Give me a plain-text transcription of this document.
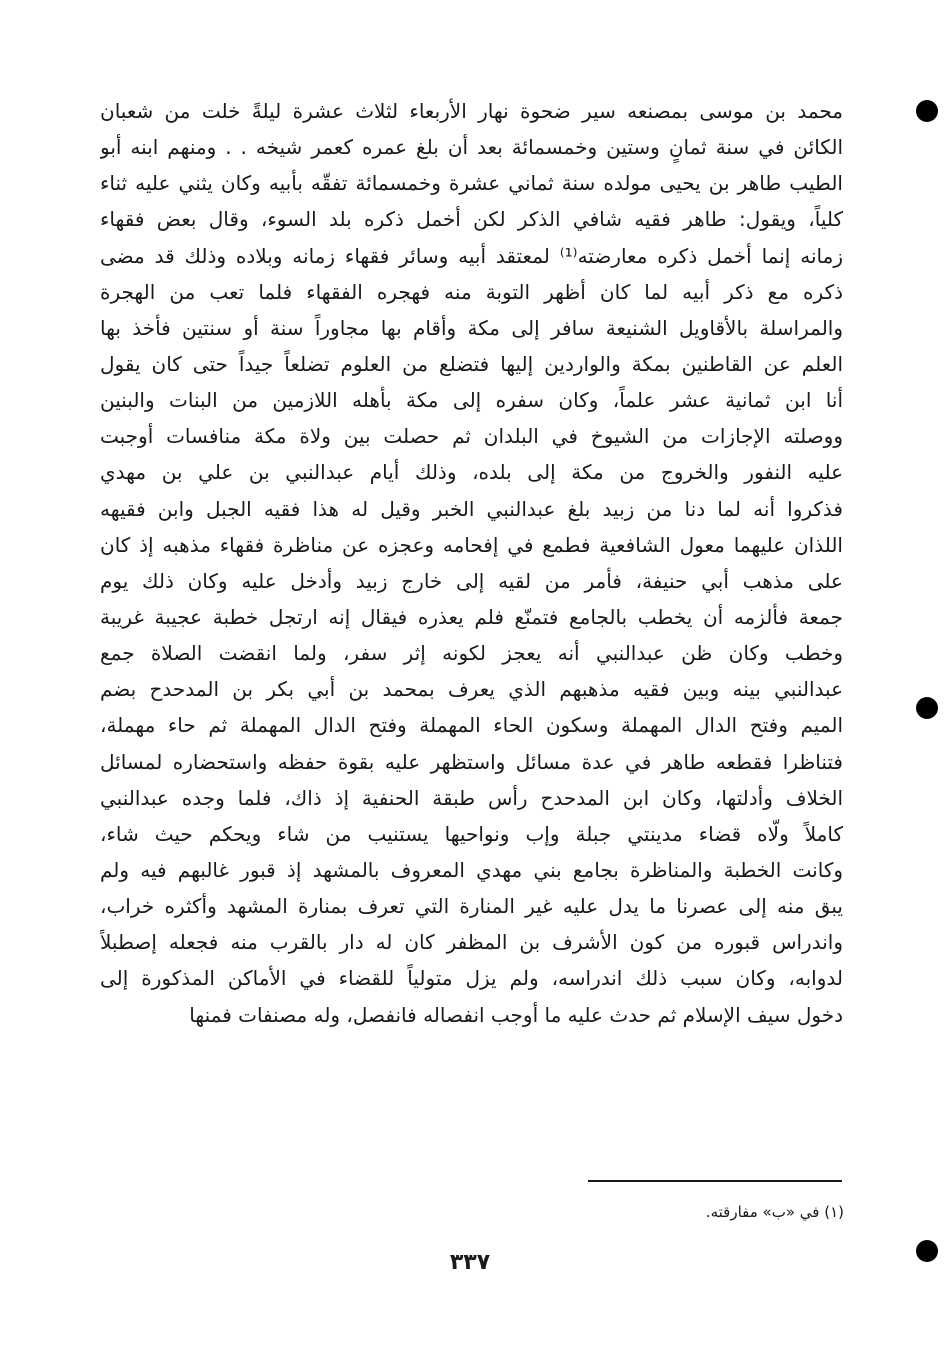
محمد بن موسى بمصنعه سير ضحوة نهار الأربعاء لثلاث عشرة ليلةً خلت من شعبان
الكائن في سنة ثمانٍ وستين وخمسمائة بعد أن بلغ عمره كعمر شيخه . . ومنهم ابنه أبو
الطيب طاهر بن يحيى مولده سنة ثماني عشرة وخمسمائة تفقّه بأبيه وكان يثني عليه ثناء
كلياً، ويقول: طاهر فقيه شافي الذكر لكن أخمل ذكره بلد السوء، وقال بعض فقهاء
زمانه إنما أخمل ذكره معارضته⁽¹⁾ لمعتقد أبيه وسائر فقهاء زمانه وبلاده وذلك قد مضى
ذكره مع ذكر أبيه لما كان أظهر التوبة منه فهجره الفقهاء فلما تعب من الهجرة
والمراسلة بالأقاويل الشنيعة سافر إلى مكة وأقام بها مجاوراً سنة أو سنتين فأخذ بها
العلم عن القاطنين بمكة والواردين إليها فتضلع من العلوم تضلعاً جيداً حتى كان يقول
أنا ابن ثمانية عشر علماً، وكان سفره إلى مكة بأهله اللازمين من البنات والبنين
ووصلته الإجازات من الشيوخ في البلدان ثم حصلت بين ولاة مكة منافسات أوجبت
عليه النفور والخروج من مكة إلى بلده، وذلك أيام عبدالنبي بن علي بن مهدي
فذكروا أنه لما دنا من زبيد بلغ عبدالنبي الخبر وقيل له هذا فقيه الجبل وابن فقيهه
اللذان عليهما معول الشافعية فطمع في إفحامه وعجزه عن مناظرة فقهاء مذهبه إذ كان
على مذهب أبي حنيفة، فأمر من لقيه إلى خارج زبيد وأدخل عليه وكان ذلك يوم
جمعة فألزمه أن يخطب بالجامع فتمنّع فلم يعذره فيقال إنه ارتجل خطبة عجيبة غريبة
وخطب وكان ظن عبدالنبي أنه يعجز لكونه إثر سفر، ولما انقضت الصلاة جمع
عبدالنبي بينه وبين فقيه مذهبهم الذي يعرف بمحمد بن أبي بكر بن المدحدح بضم
الميم وفتح الدال المهملة وسكون الحاء المهملة وفتح الدال المهملة ثم حاء مهملة،
فتناظرا فقطعه طاهر في عدة مسائل واستظهر عليه بقوة حفظه واستحضاره لمسائل
الخلاف وأدلتها، وكان ابن المدحدح رأس طبقة الحنفية إذ ذاك، فلما وجده عبدالنبي
كاملاً ولّاه قضاء مدينتي جبلة وإب ونواحيها يستنيب من شاء ويحكم حيث شاء،
وكانت الخطبة والمناظرة بجامع بني مهدي المعروف بالمشهد إذ قبور غالبهم فيه ولم
يبق منه إلى عصرنا ما يدل عليه غير المنارة التي تعرف بمنارة المشهد وأكثره خراب،
واندراس قبوره من كون الأشرف بن المظفر كان له دار بالقرب منه فجعله إصطبلاً
لدوابه، وكان سبب ذلك اندراسه، ولم يزل متولياً للقضاء في الأماكن المذكورة إلى
دخول سيف الإسلام ثم حدث عليه ما أوجب انفصاله فانفصل، وله مصنفات فمنها
(١) في «ب» مفارقته.
٣٣٧
